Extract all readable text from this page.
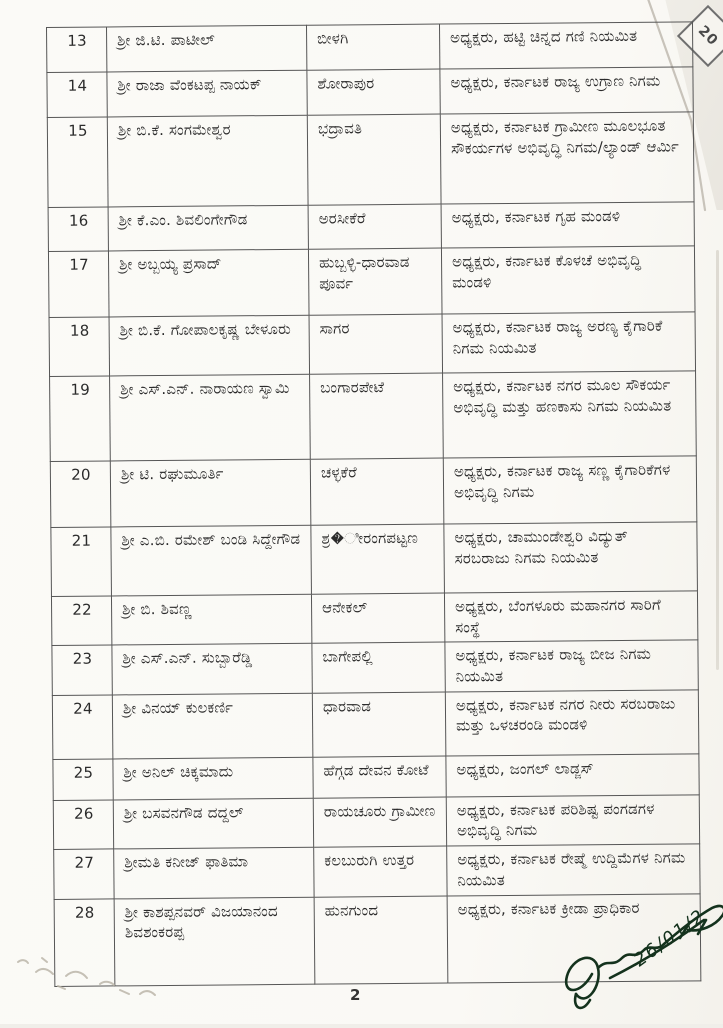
20
13	ಶ್ರೀ ಜಿ.ಟಿ. ಪಾಟೀಲ್	ಬೀಳಗಿ	ಅಧ್ಯಕ್ಷರು, ಹಟ್ಟಿ ಚಿನ್ನದ ಗಣಿ ನಿಯಮಿತ
14	ಶ್ರೀ ರಾಜಾ ವೆಂಕಟಪ್ಪ ನಾಯಕ್	ಶೋರಾಪುರ	ಅಧ್ಯಕ್ಷರು, ಕರ್ನಾಟಕ ರಾಜ್ಯ ಉಗ್ರಾಣ ನಿಗಮ
15	ಶ್ರೀ ಬಿ.ಕೆ. ಸಂಗಮೇಶ್ವರ	ಭದ್ರಾವತಿ	ಅಧ್ಯಕ್ಷರು, ಕರ್ನಾಟಕ ಗ್ರಾಮೀಣ ಮೂಲಭೂತ ಸೌಕರ್ಯಗಳ ಅಭಿವೃದ್ಧಿ ನಿಗಮ/ಲ್ಯಾಂಡ್ ಆರ್ಮಿ
16	ಶ್ರೀ ಕೆ.ಎಂ. ಶಿವಲಿಂಗೇಗೌಡ	ಅರಸೀಕೆರೆ	ಅಧ್ಯಕ್ಷರು, ಕರ್ನಾಟಕ ಗೃಹ ಮಂಡಳಿ
17	ಶ್ರೀ ಅಬ್ಬಯ್ಯ ಪ್ರಸಾದ್	ಹುಬ್ಬಳ್ಳಿ-ಧಾರವಾಡ ಪೂರ್ವ	ಅಧ್ಯಕ್ಷರು, ಕರ್ನಾಟಕ ಕೊಳಚೆ ಅಭಿವೃದ್ಧಿ ಮಂಡಳಿ
18	ಶ್ರೀ ಬಿ.ಕೆ. ಗೋಪಾಲಕೃಷ್ಣ ಬೇಳೂರು	ಸಾಗರ	ಅಧ್ಯಕ್ಷರು, ಕರ್ನಾಟಕ ರಾಜ್ಯ ಅರಣ್ಯ ಕೈಗಾರಿಕೆ ನಿಗಮ ನಿಯಮಿತ
19	ಶ್ರೀ ಎಸ್.ಎನ್. ನಾರಾಯಣ ಸ್ವಾಮಿ	ಬಂಗಾರಪೇಟೆ	ಅಧ್ಯಕ್ಷರು, ಕರ್ನಾಟಕ ನಗರ ಮೂಲ ಸೌಕರ್ಯ ಅಭಿವೃದ್ಧಿ ಮತ್ತು ಹಣಕಾಸು ನಿಗಮ ನಿಯಮಿತ
20	ಶ್ರೀ ಟಿ. ರಘುಮೂರ್ತಿ	ಚಳ್ಳಕೆರೆ	ಅಧ್ಯಕ್ಷರು, ಕರ್ನಾಟಕ ರಾಜ್ಯ ಸಣ್ಣ ಕೈಗಾರಿಕೆಗಳ ಅಭಿವೃದ್ಧಿ ನಿಗಮ
21	ಶ್ರೀ ಎ.ಬಿ. ರಮೇಶ್ ಬಂಡಿ ಸಿದ್ದೇಗೌಡ	ಶ್ರ�ೀರಂಗಪಟ್ಟಣ	ಅಧ್ಯಕ್ಷರು, ಚಾಮುಂಡೇಶ್ವರಿ ವಿದ್ಯುತ್ ಸರಬರಾಜು ನಿಗಮ ನಿಯಮಿತ
22	ಶ್ರೀ ಬಿ. ಶಿವಣ್ಣ	ಆನೇಕಲ್	ಅಧ್ಯಕ್ಷರು, ಬೆಂಗಳೂರು ಮಹಾನಗರ ಸಾರಿಗೆ ಸಂಸ್ಥೆ
23	ಶ್ರೀ ಎಸ್.ಎನ್. ಸುಬ್ಬಾರೆಡ್ಡಿ	ಬಾಗೇಪಲ್ಲಿ	ಅಧ್ಯಕ್ಷರು, ಕರ್ನಾಟಕ ರಾಜ್ಯ ಬೀಜ ನಿಗಮ ನಿಯಮಿತ
24	ಶ್ರೀ ವಿನಯ್ ಕುಲಕರ್ಣಿ	ಧಾರವಾಡ	ಅಧ್ಯಕ್ಷರು, ಕರ್ನಾಟಕ ನಗರ ನೀರು ಸರಬರಾಜು ಮತ್ತು ಒಳಚರಂಡಿ ಮಂಡಳಿ
25	ಶ್ರೀ ಅನಿಲ್ ಚಿಕ್ಕಮಾದು	ಹೆಗ್ಗಡ ದೇವನ ಕೋಟೆ	ಅಧ್ಯಕ್ಷರು, ಜಂಗಲ್ ಲಾಡ್ಜಸ್
26	ಶ್ರೀ ಬಸವನಗೌಡ ದದ್ದಲ್	ರಾಯಚೂರು ಗ್ರಾಮೀಣ	ಅಧ್ಯಕ್ಷರು, ಕರ್ನಾಟಕ ಪರಿಶಿಷ್ಟ ಪಂಗಡಗಳ ಅಭಿವೃದ್ಧಿ ನಿಗಮ
27	ಶ್ರೀಮತಿ ಕನೀಜ್ ಫಾತಿಮಾ	ಕಲಬುರುಗಿ ಉತ್ತರ	ಅಧ್ಯಕ್ಷರು, ಕರ್ನಾಟಕ ರೇಷ್ಮೆ ಉದ್ದಿಮೆಗಳ ನಿಗಮ ನಿಯಮಿತ
28	ಶ್ರೀ ಕಾಶಪ್ಪನವರ್ ವಿಜಯಾನಂದ ಶಿವಶಂಕರಪ್ಪ	ಹುನಗುಂದ	ಅಧ್ಯಕ್ಷರು, ಕರ್ನಾಟಕ ಕ್ರೀಡಾ ಪ್ರಾಧಿಕಾರ
2
26/01/2
